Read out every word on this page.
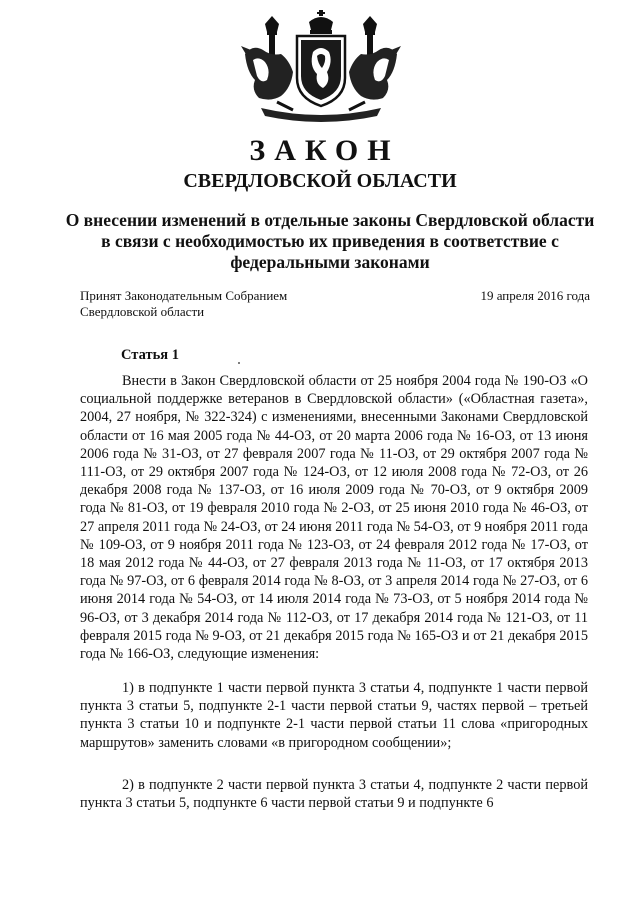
ЗАКОН
СВЕРДЛОВСКОЙ ОБЛАСТИ
О внесении изменений в отдельные законы Свердловской области в связи с необходимостью их приведения в соответствие с федеральными законами
Принят Законодательным Собранием
Свердловской области
19 апреля 2016 года
Статья 1

Внести в Закон Свердловской области от 25 ноября 2004 года № 190-ОЗ «О социальной поддержке ветеранов в Свердловской области» («Областная газета», 2004, 27 ноября, № 322-324) с изменениями, внесенными Законами Свердловской области от 16 мая 2005 года № 44-ОЗ, от 20 марта 2006 года № 16-ОЗ, от 13 июня 2006 года № 31-ОЗ, от 27 февраля 2007 года № 11-ОЗ, от 29 октября 2007 года № 111-ОЗ, от 29 октября 2007 года № 124-ОЗ, от 12 июля 2008 года № 72-ОЗ, от 26 декабря 2008 года № 137-ОЗ, от 16 июля 2009 года № 70-ОЗ, от 9 октября 2009 года № 81-ОЗ, от 19 февраля 2010 года № 2-ОЗ, от 25 июня 2010 года № 46-ОЗ, от 27 апреля 2011 года № 24-ОЗ, от 24 июня 2011 года № 54-ОЗ, от 9 ноября 2011 года № 109-ОЗ, от 9 ноября 2011 года № 123-ОЗ, от 24 февраля 2012 года № 17-ОЗ, от 18 мая 2012 года № 44-ОЗ, от 27 февраля 2013 года № 11-ОЗ, от 17 октября 2013 года № 97-ОЗ, от 6 февраля 2014 года № 8-ОЗ, от 3 апреля 2014 года № 27-ОЗ, от 6 июня 2014 года № 54-ОЗ, от 14 июля 2014 года № 73-ОЗ, от 5 ноября 2014 года № 96-ОЗ, от 3 декабря 2014 года № 112-ОЗ, от 17 декабря 2014 года № 121-ОЗ, от 11 февраля 2015 года № 9-ОЗ, от 21 декабря 2015 года № 165-ОЗ и от 21 декабря 2015 года № 166-ОЗ, следующие изменения:

1) в подпункте 1 части первой пункта 3 статьи 4, подпункте 1 части первой пункта 3 статьи 5, подпункте 2-1 части первой статьи 9, частях первой – третьей пункта 3 статьи 10 и подпункте 2-1 части первой статьи 11 слова «пригородных маршрутов» заменить словами «в пригородном сообщении»;

2) в подпункте 2 части первой пункта 3 статьи 4, подпункте 2 части первой пункта 3 статьи 5, подпункте 6 части первой статьи 9 и подпункте 6
